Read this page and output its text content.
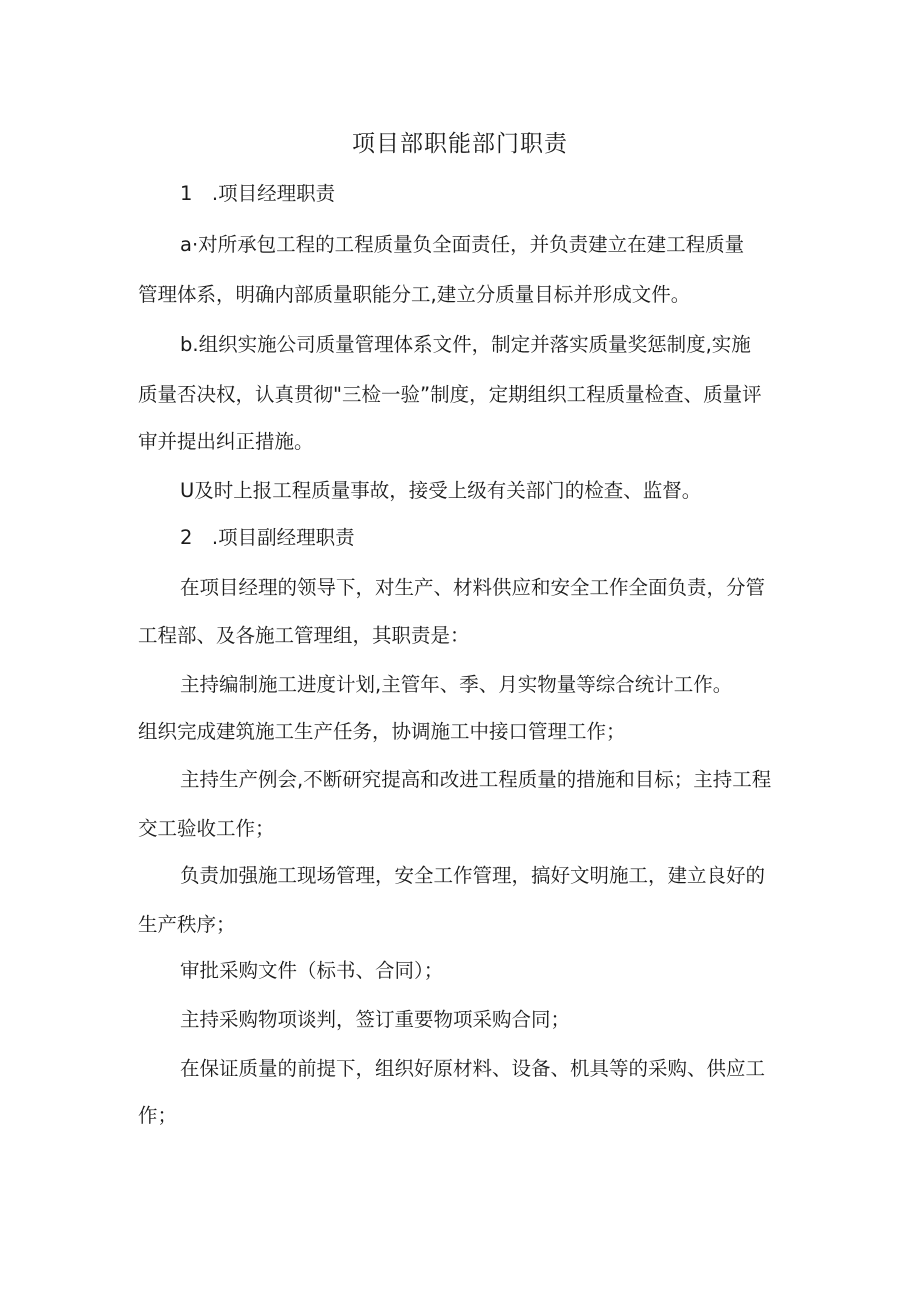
项目部职能部门职责

1　.项目经理职责

a·对所承包工程的工程质量负全面责任，并负责建立在建工程质量

管理体系，明确内部质量职能分工,建立分质量目标并形成文件。

b.组织实施公司质量管理体系文件，制定并落实质量奖惩制度,实施

质量否决权，认真贯彻"三检一验”制度，定期组织工程质量检查、质量评

审并提出纠正措施。

U及时上报工程质量事故，接受上级有关部门的检查、监督。

2　.项目副经理职责

在项目经理的领导下，对生产、材料供应和安全工作全面负责，分管

工程部、及各施工管理组，其职责是：

主持编制施工进度计划,主管年、季、月实物量等综合统计工作。

组织完成建筑施工生产任务，协调施工中接口管理工作；

主持生产例会,不断研究提高和改进工程质量的措施和目标；主持工程

交工验收工作；

负责加强施工现场管理，安全工作管理，搞好文明施工，建立良好的

生产秩序；

审批采购文件（标书、合同）；

主持采购物项谈判，签订重要物项采购合同；

在保证质量的前提下，组织好原材料、设备、机具等的采购、供应工

作；
